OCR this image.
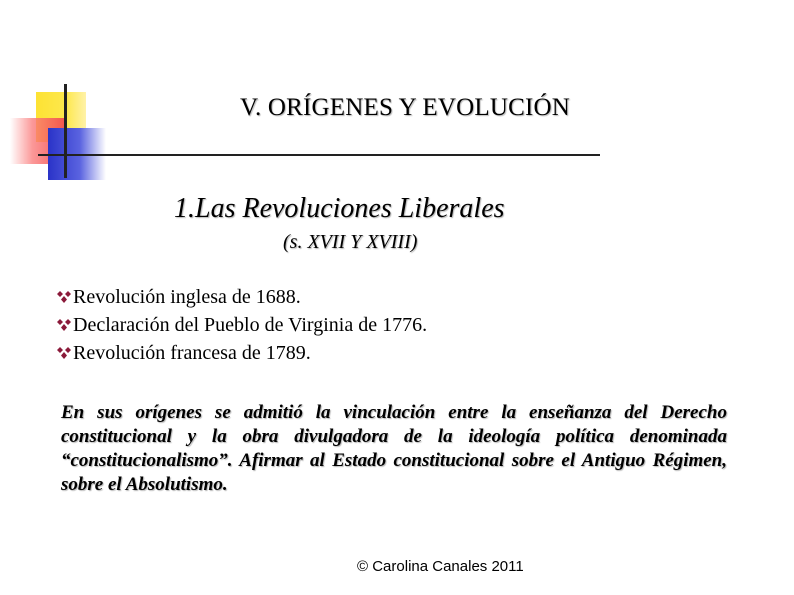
V. ORÍGENES Y EVOLUCIÓN
1.Las Revoluciones Liberales
(s. XVII Y XVIII)
Revolución inglesa de 1688.
Declaración del Pueblo de Virginia de 1776.
Revolución francesa de 1789.

En sus orígenes se admitió la vinculación entre la enseñanza del Derecho constitucional y la obra divulgadora de la ideología política denominada “constitucionalismo”. Afirmar al Estado constitucional sobre el Antiguo Régimen, sobre el Absolutismo.

© Carolina Canales 2011
